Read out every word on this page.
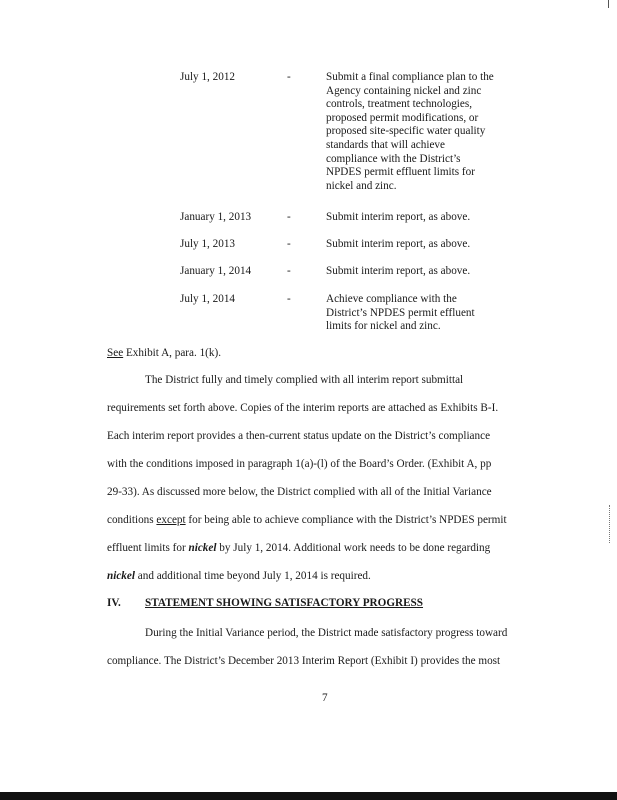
July 1, 2012	-	Submit a final compliance plan to the
Agency containing nickel and zinc
controls, treatment technologies,
proposed permit modifications, or
proposed site-specific water quality
standards that will achieve
compliance with the District’s
NPDES permit effluent limits for
nickel and zinc.
January 1, 2013	-	Submit interim report, as above.
July 1, 2013	-	Submit interim report, as above.
January 1, 2014	-	Submit interim report, as above.
July 1, 2014	-	Achieve compliance with the
District’s NPDES permit effluent
limits for nickel and zinc.
See Exhibit A, para. 1(k).
The District fully and timely complied with all interim report submittal
requirements set forth above. Copies of the interim reports are attached as Exhibits B-I.
Each interim report provides a then-current status update on the District’s compliance
with the conditions imposed in paragraph 1(a)-(l) of the Board’s Order. (Exhibit A, pp
29-33). As discussed more below, the District complied with all of the Initial Variance
conditions except for being able to achieve compliance with the District’s NPDES permit
effluent limits for nickel by July 1, 2014. Additional work needs to be done regarding
nickel and additional time beyond July 1, 2014 is required.
IV. STATEMENT SHOWING SATISFACTORY PROGRESS
During the Initial Variance period, the District made satisfactory progress toward
compliance. The District’s December 2013 Interim Report (Exhibit I) provides the most
7
